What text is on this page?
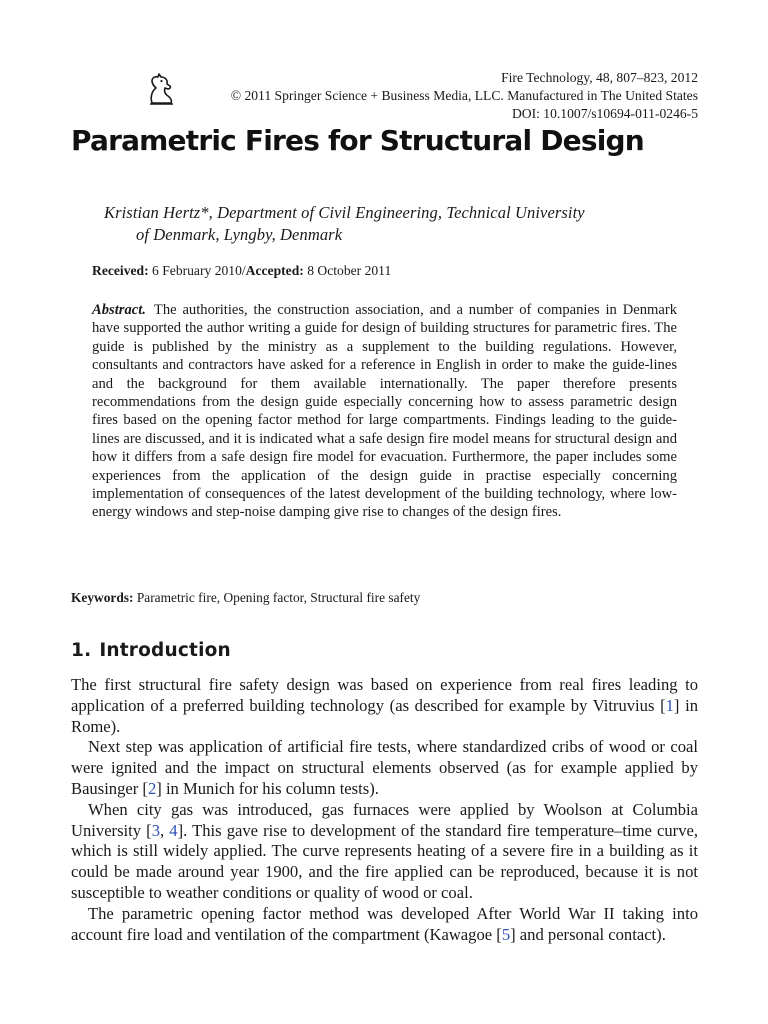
Fire Technology, 48, 807–823, 2012
© 2011 Springer Science + Business Media, LLC. Manufactured in The United States
DOI: 10.1007/s10694-011-0246-5
Parametric Fires for Structural Design
Kristian Hertz*, Department of Civil Engineering, Technical University
of Denmark, Lyngby, Denmark
Received: 6 February 2010/Accepted: 8 October 2011
Abstract. The authorities, the construction association, and a number of companies in Denmark have supported the author writing a guide for design of building structures for parametric fires. The guide is published by the ministry as a supplement to the building regulations. However, consultants and contractors have asked for a reference in English in order to make the guide-lines and the background for them available internationally. The paper therefore presents recommendations from the design guide especially concerning how to assess parametric design fires based on the opening factor method for large compartments. Findings leading to the guide-lines are discussed, and it is indicated what a safe design fire model means for structural design and how it differs from a safe design fire model for evacuation. Furthermore, the paper includes some experiences from the application of the design guide in practise especially concerning implementation of consequences of the latest development of the building technology, where low-energy windows and step-noise damping give rise to changes of the design fires.
Keywords: Parametric fire, Opening factor, Structural fire safety
1. Introduction

The first structural fire safety design was based on experience from real fires leading to application of a preferred building technology (as described for example by Vitruvius [1] in Rome).

Next step was application of artificial fire tests, where standardized cribs of wood or coal were ignited and the impact on structural elements observed (as for example applied by Bausinger [2] in Munich for his column tests).

When city gas was introduced, gas furnaces were applied by Woolson at Columbia University [3, 4]. This gave rise to development of the standard fire temperature–time curve, which is still widely applied. The curve represents heating of a severe fire in a building as it could be made around year 1900, and the fire applied can be reproduced, because it is not susceptible to weather conditions or quality of wood or coal.

The parametric opening factor method was developed After World War II taking into account fire load and ventilation of the compartment (Kawagoe [5] and personal contact).
